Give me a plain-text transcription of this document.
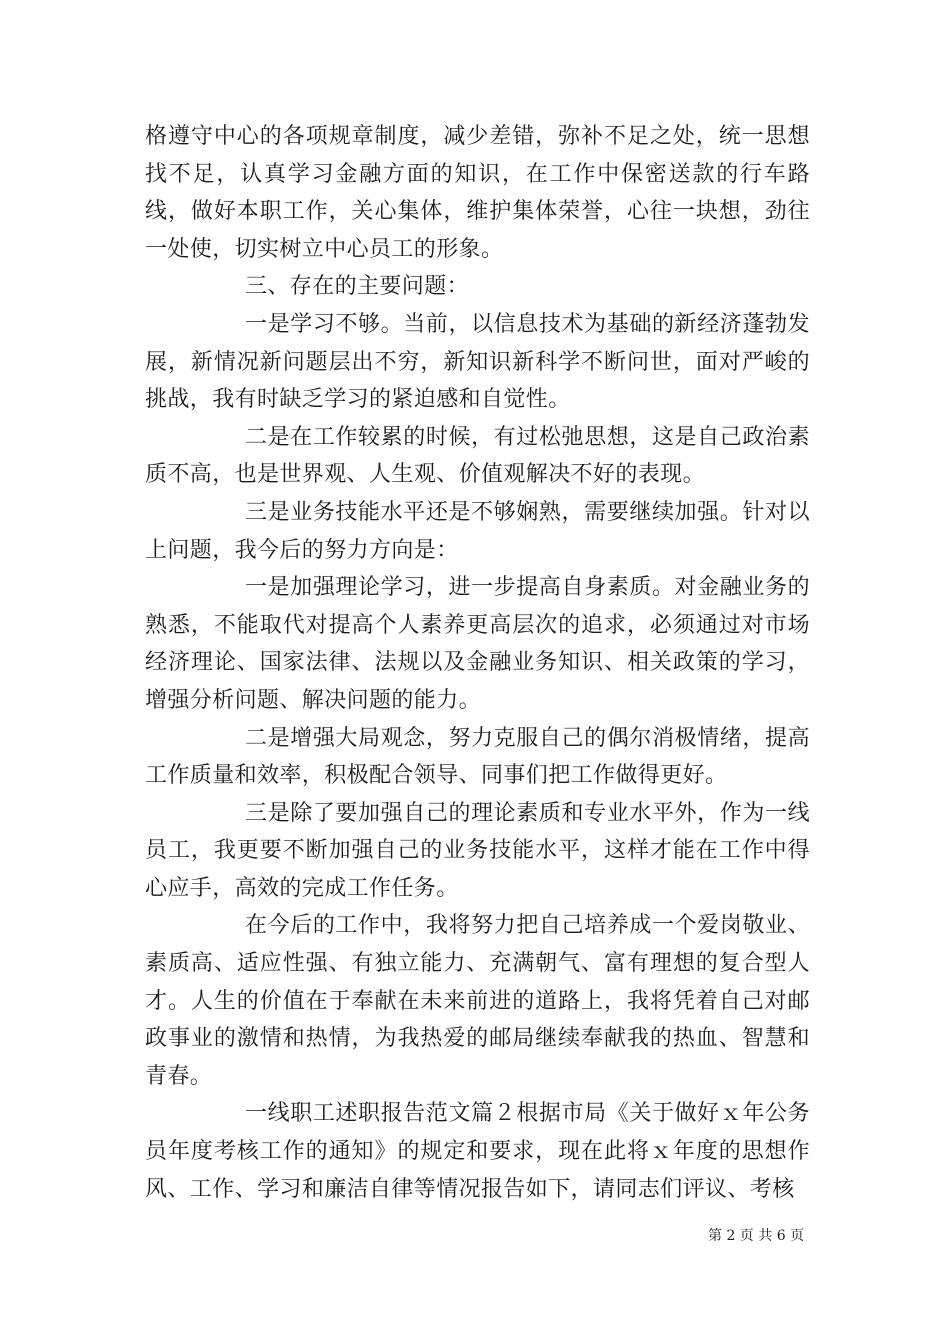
格遵守中心的各项规章制度，减少差错，弥补不足之处，统一思想找不足，认真学习金融方面的知识，在工作中保密送款的行车路线，做好本职工作，关心集体，维护集体荣誉，心往一块想，劲往一处使，切实树立中心员工的形象。

三、存在的主要问题：

一是学习不够。当前，以信息技术为基础的新经济蓬勃发展，新情况新问题层出不穷，新知识新科学不断问世，面对严峻的挑战，我有时缺乏学习的紧迫感和自觉性。

二是在工作较累的时候，有过松弛思想，这是自己政治素质不高，也是世界观、人生观、价值观解决不好的表现。

三是业务技能水平还是不够娴熟，需要继续加强。针对以上问题，我今后的努力方向是：

一是加强理论学习，进一步提高自身素质。对金融业务的熟悉，不能取代对提高个人素养更高层次的追求，必须通过对市场经济理论、国家法律、法规以及金融业务知识、相关政策的学习，增强分析问题、解决问题的能力。

二是增强大局观念，努力克服自己的偶尔消极情绪，提高工作质量和效率，积极配合领导、同事们把工作做得更好。

三是除了要加强自己的理论素质和专业水平外，作为一线员工，我更要不断加强自己的业务技能水平，这样才能在工作中得心应手，高效的完成工作任务。

在今后的工作中，我将努力把自己培养成一个爱岗敬业、素质高、适应性强、有独立能力、充满朝气、富有理想的复合型人才。人生的价值在于奉献在未来前进的道路上，我将凭着自己对邮政事业的激情和热情，为我热爱的邮局继续奉献我的热血、智慧和青春。

一线职工述职报告范文篇２根据市局《关于做好ｘ年公务员年度考核工作的通知》的规定和要求，现在此将ｘ年度的思想作风、工作、学习和廉洁自律等情况报告如下，请同志们评议、考核

第 2 页 共 6 页
